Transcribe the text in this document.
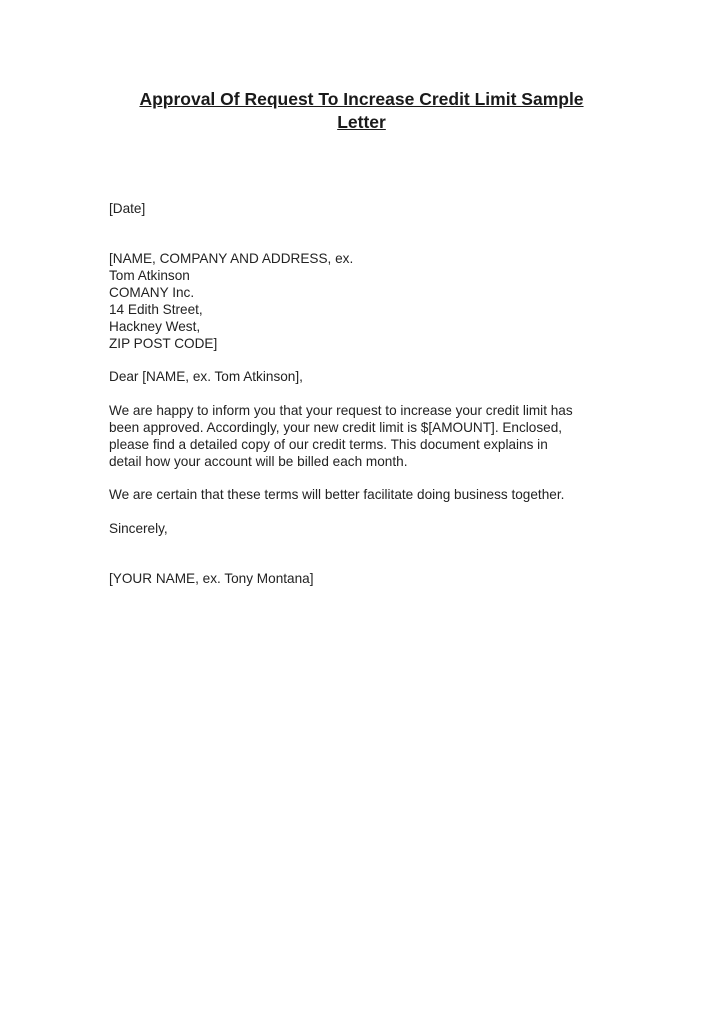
Approval Of Request To Increase Credit Limit Sample
Letter
[Date]
[NAME, COMPANY AND ADDRESS, ex.
Tom Atkinson
COMANY Inc.
14 Edith Street,
Hackney West,
ZIP POST CODE]
Dear [NAME, ex. Tom Atkinson],
We are happy to inform you that your request to increase your credit limit has
been approved. Accordingly, your new credit limit is $[AMOUNT]. Enclosed,
please find a detailed copy of our credit terms. This document explains in
detail how your account will be billed each month.
We are certain that these terms will better facilitate doing business together.
Sincerely,
[YOUR NAME, ex. Tony Montana]
